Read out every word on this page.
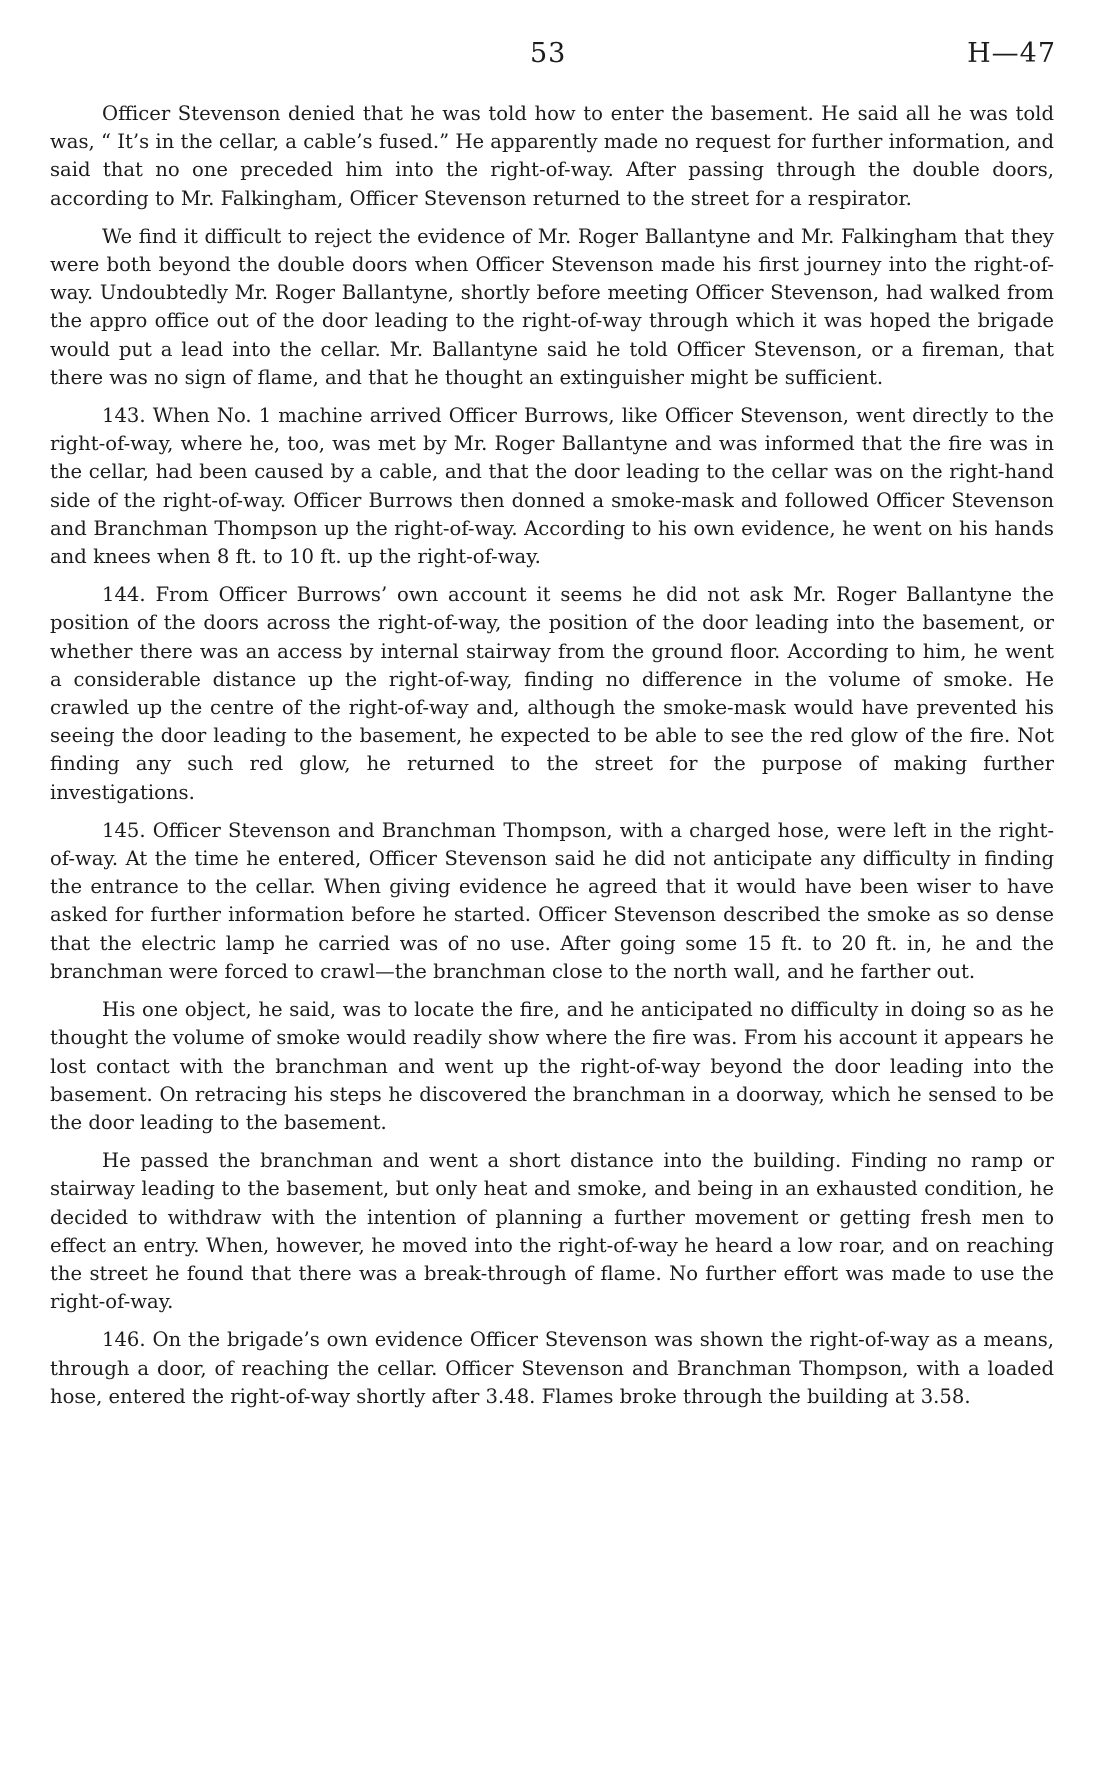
53	H—47

Officer Stevenson denied that he was told how to enter the basement. He said all he was told was, “ It’s in the cellar, a cable’s fused.” He apparently made no request for further information, and said that no one preceded him into the right-of-way. After passing through the double doors, according to Mr. Falkingham, Officer Stevenson returned to the street for a respirator.

We find it difficult to reject the evidence of Mr. Roger Ballantyne and Mr. Falkingham that they were both beyond the double doors when Officer Stevenson made his first journey into the right-of-way. Undoubtedly Mr. Roger Ballantyne, shortly before meeting Officer Stevenson, had walked from the appro office out of the door leading to the right-of-way through which it was hoped the brigade would put a lead into the cellar. Mr. Ballantyne said he told Officer Stevenson, or a fireman, that there was no sign of flame, and that he thought an extinguisher might be sufficient.

143. When No. 1 machine arrived Officer Burrows, like Officer Stevenson, went directly to the right-of-way, where he, too, was met by Mr. Roger Ballantyne and was informed that the fire was in the cellar, had been caused by a cable, and that the door leading to the cellar was on the right-hand side of the right-of-way. Officer Burrows then donned a smoke-mask and followed Officer Stevenson and Branchman Thompson up the right-of-way. According to his own evidence, he went on his hands and knees when 8 ft. to 10 ft. up the right-of-way.

144. From Officer Burrows’ own account it seems he did not ask Mr. Roger Ballantyne the position of the doors across the right-of-way, the position of the door leading into the basement, or whether there was an access by internal stairway from the ground floor. According to him, he went a considerable distance up the right-of-way, finding no difference in the volume of smoke. He crawled up the centre of the right-of-way and, although the smoke-mask would have prevented his seeing the door leading to the basement, he expected to be able to see the red glow of the fire. Not finding any such red glow, he returned to the street for the purpose of making further investigations.

145. Officer Stevenson and Branchman Thompson, with a charged hose, were left in the right-of-way. At the time he entered, Officer Stevenson said he did not anticipate any difficulty in finding the entrance to the cellar. When giving evidence he agreed that it would have been wiser to have asked for further information before he started. Officer Stevenson described the smoke as so dense that the electric lamp he carried was of no use. After going some 15 ft. to 20 ft. in, he and the branchman were forced to crawl—the branchman close to the north wall, and he farther out.

His one object, he said, was to locate the fire, and he anticipated no difficulty in doing so as he thought the volume of smoke would readily show where the fire was. From his account it appears he lost contact with the branchman and went up the right-of-way beyond the door leading into the basement. On retracing his steps he discovered the branchman in a doorway, which he sensed to be the door leading to the basement.

He passed the branchman and went a short distance into the building. Finding no ramp or stairway leading to the basement, but only heat and smoke, and being in an exhausted condition, he decided to withdraw with the intention of planning a further movement or getting fresh men to effect an entry. When, however, he moved into the right-of-way he heard a low roar, and on reaching the street he found that there was a break-through of flame. No further effort was made to use the right-of-way.

146. On the brigade’s own evidence Officer Stevenson was shown the right-of-way as a means, through a door, of reaching the cellar. Officer Stevenson and Branchman Thompson, with a loaded hose, entered the right-of-way shortly after 3.48. Flames broke through the building at 3.58.
